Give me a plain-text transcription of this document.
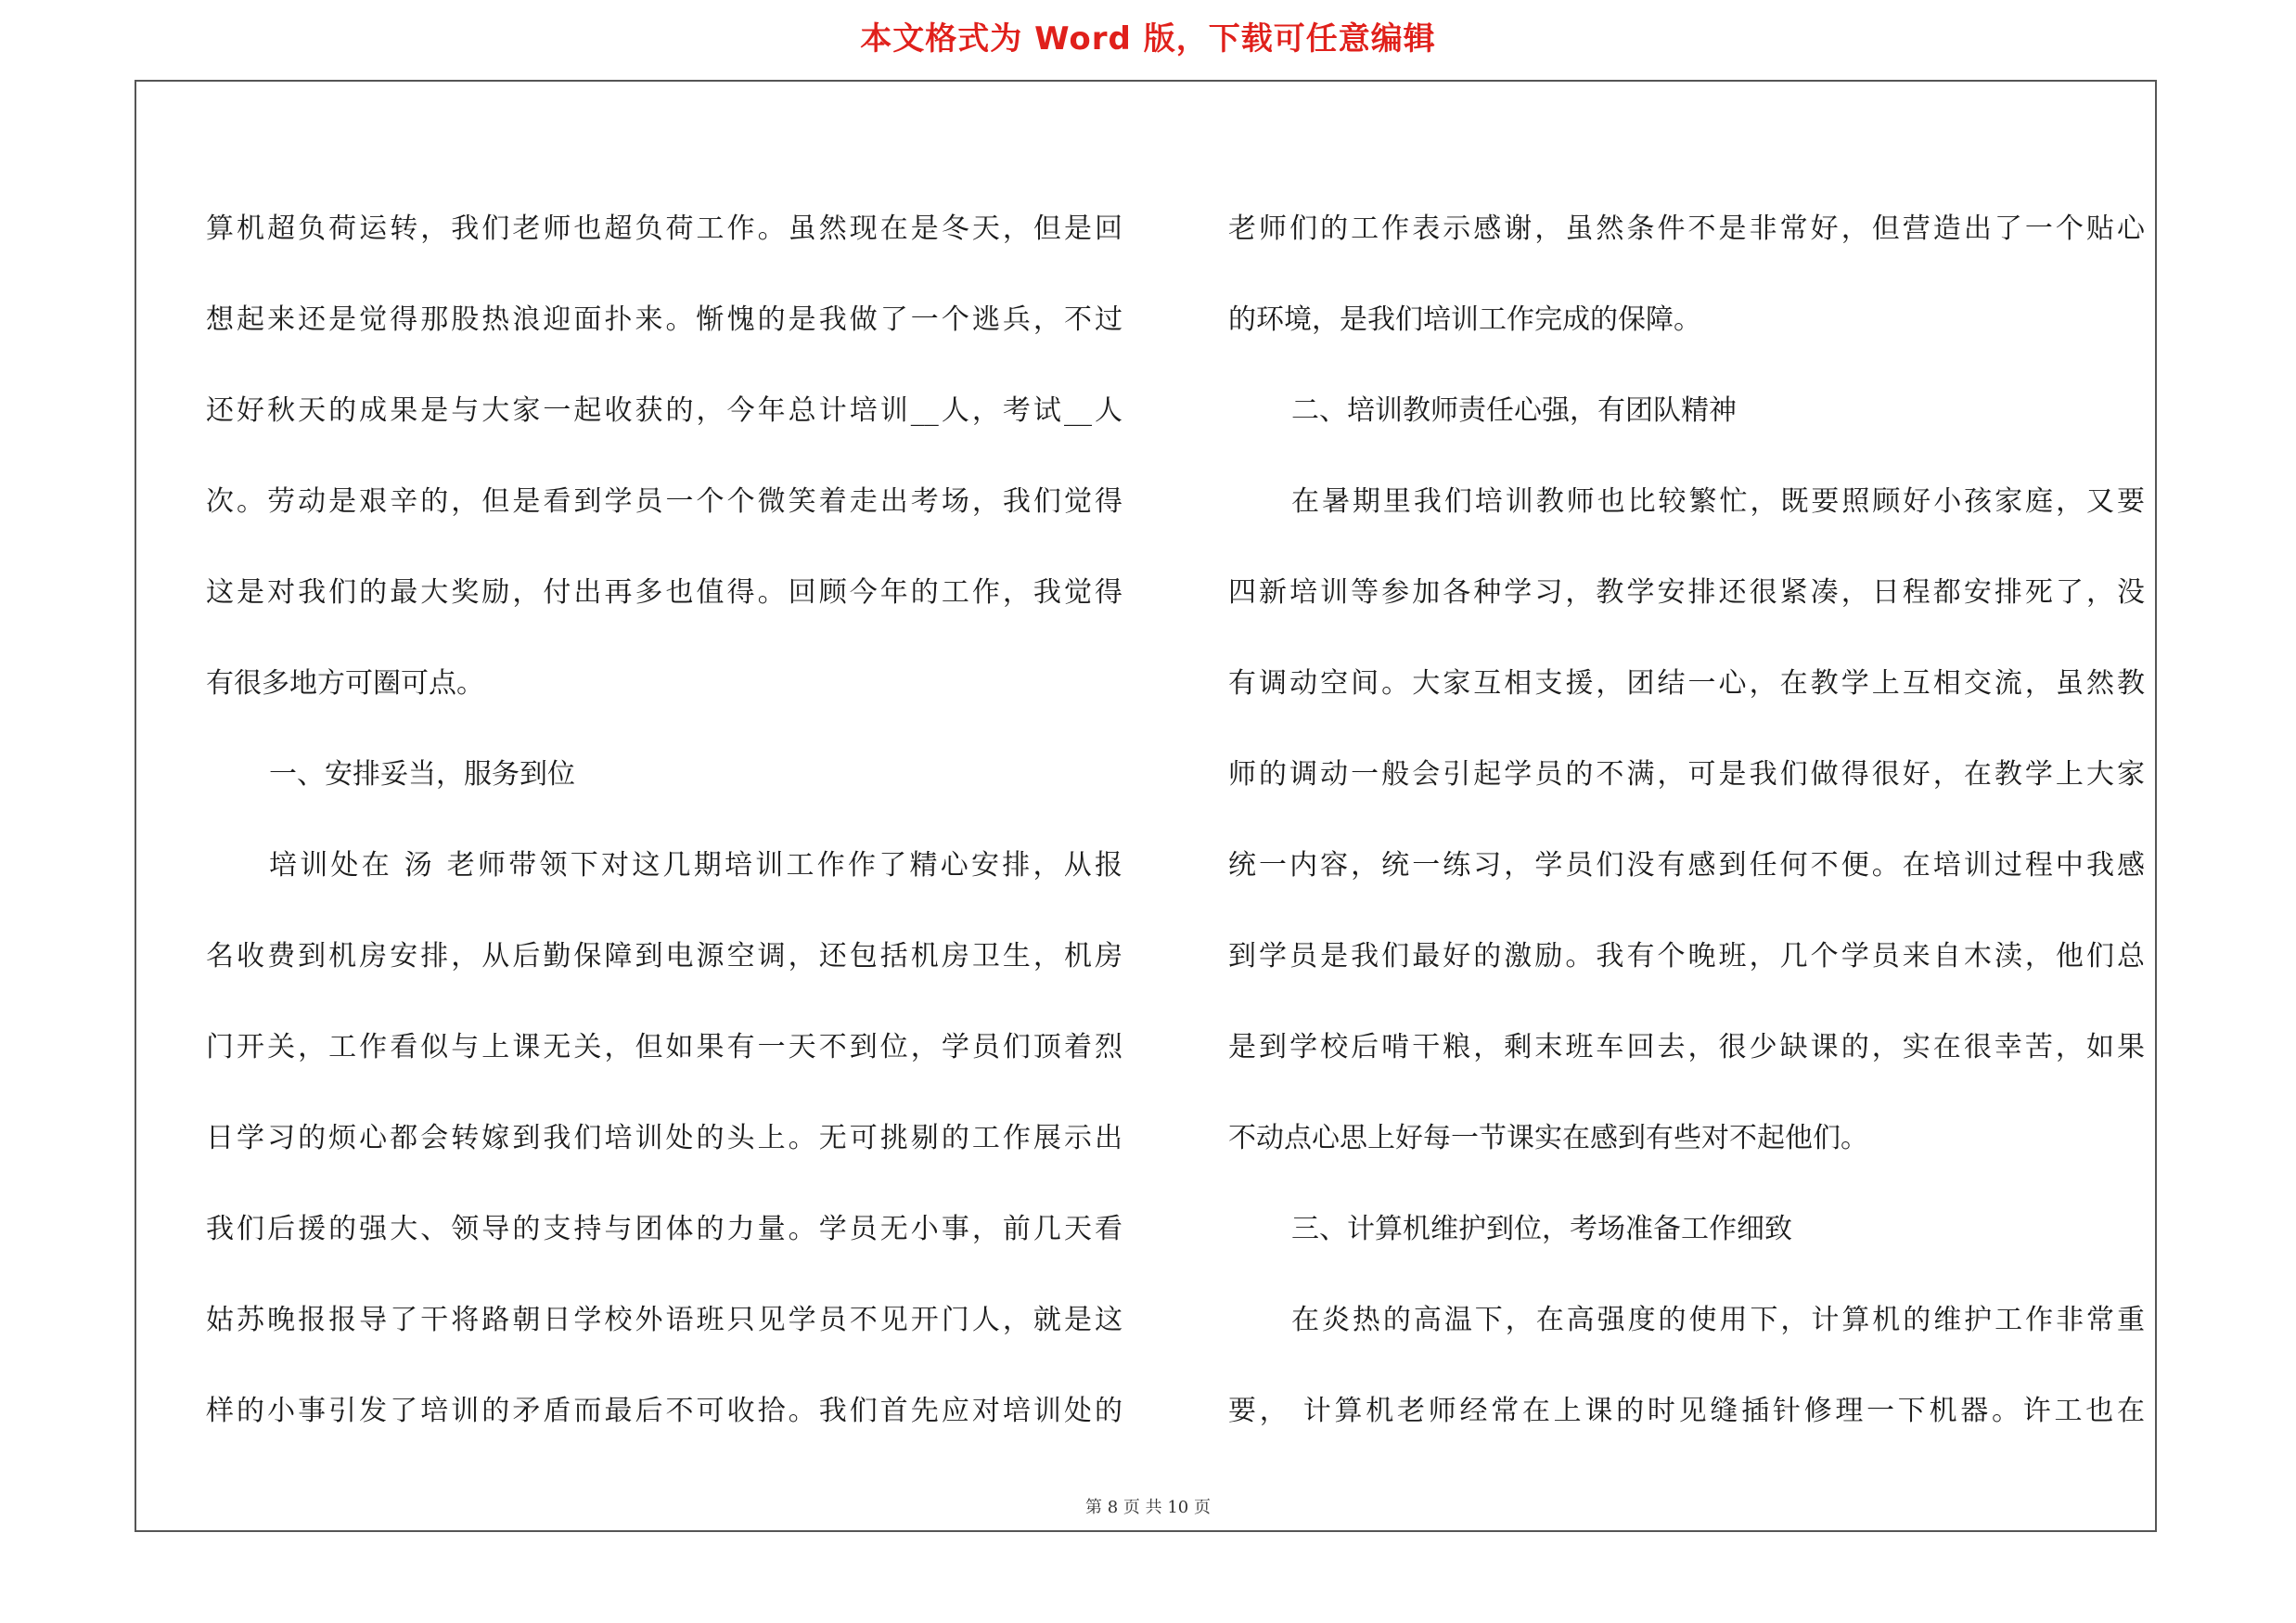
本文格式为 Word 版，下载可任意编辑
算机超负荷运转，我们老师也超负荷工作。虽然现在是冬天，但是回
想起来还是觉得那股热浪迎面扑来。惭愧的是我做了一个逃兵，不过
还好秋天的成果是与大家一起收获的，今年总计培训__人，考试__人
次。劳动是艰辛的，但是看到学员一个个微笑着走出考场，我们觉得
这是对我们的最大奖励，付出再多也值得。回顾今年的工作，我觉得
有很多地方可圈可点。
一、安排妥当，服务到位
培训处在 汤 老师带领下对这几期培训工作作了精心安排，从报
名收费到机房安排，从后勤保障到电源空调，还包括机房卫生，机房
门开关，工作看似与上课无关，但如果有一天不到位，学员们顶着烈
日学习的烦心都会转嫁到我们培训处的头上。无可挑剔的工作展示出
我们后援的强大、领导的支持与团体的力量。学员无小事，前几天看
姑苏晚报报导了干将路朝日学校外语班只见学员不见开门人，就是这
样的小事引发了培训的矛盾而最后不可收拾。我们首先应对培训处的
老师们的工作表示感谢，虽然条件不是非常好，但营造出了一个贴心
的环境，是我们培训工作完成的保障。
二、培训教师责任心强，有团队精神
在暑期里我们培训教师也比较繁忙，既要照顾好小孩家庭，又要
四新培训等参加各种学习，教学安排还很紧凑，日程都安排死了，没
有调动空间。大家互相支援，团结一心，在教学上互相交流，虽然教
师的调动一般会引起学员的不满，可是我们做得很好，在教学上大家
统一内容，统一练习，学员们没有感到任何不便。在培训过程中我感
到学员是我们最好的激励。我有个晚班，几个学员来自木渎，他们总
是到学校后啃干粮，剩末班车回去，很少缺课的，实在很幸苦，如果
不动点心思上好每一节课实在感到有些对不起他们。
三、计算机维护到位，考场准备工作细致
在炎热的高温下，在高强度的使用下，计算机的维护工作非常重
要， 计算机老师经常在上课的时见缝插针修理一下机器。许工也在
第 8 页 共 10 页
